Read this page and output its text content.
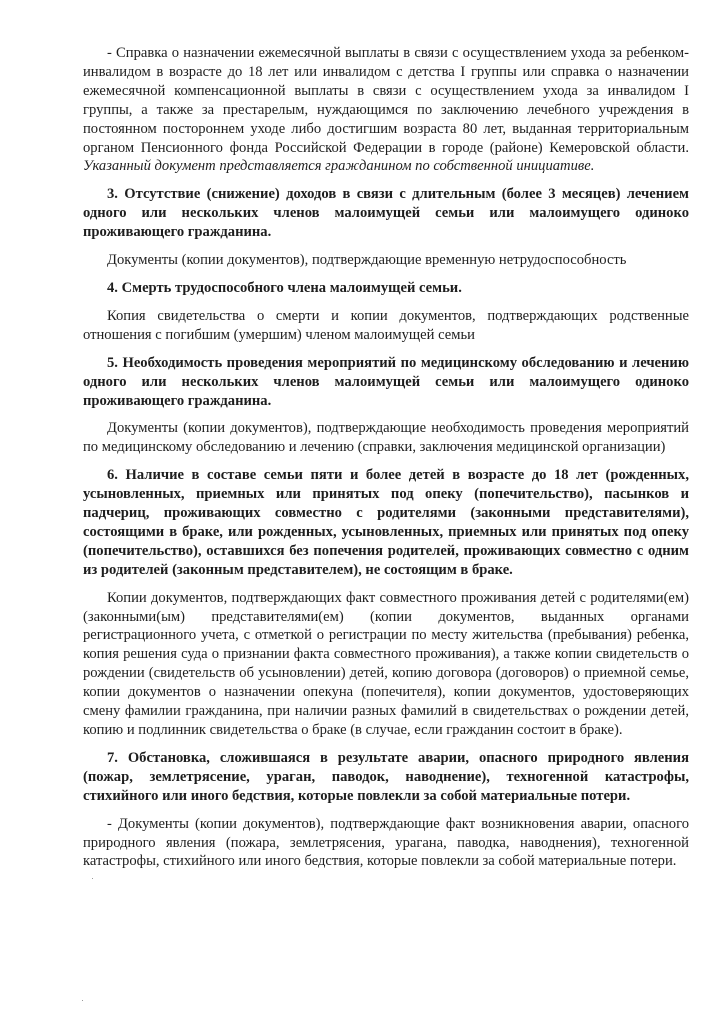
- Справка о назначении ежемесячной выплаты в связи с осуществлением ухода за ребенком-инвалидом в возрасте до 18 лет или инвалидом с детства I группы или справка о назначении ежемесячной компенсационной выплаты в связи с осуществлением ухода за инвалидом I группы, а также за престарелым, нуждающимся по заключению лечебного учреждения в постоянном постороннем уходе либо достигшим возраста 80 лет, выданная территориальным органом Пенсионного фонда Российской Федерации в городе (районе) Кемеровской области. Указанный документ представляется гражданином по собственной инициативе.

3. Отсутствие (снижение) доходов в связи с длительным (более 3 месяцев) лечением одного или нескольких членов малоимущей семьи или малоимущего одиноко проживающего гражданина.

Документы (копии документов), подтверждающие временную нетрудоспособность

4. Смерть трудоспособного члена малоимущей семьи.

Копия свидетельства о смерти и копии документов, подтверждающих родственные отношения с погибшим (умершим) членом малоимущей семьи

5. Необходимость проведения мероприятий по медицинскому обследованию и лечению одного или нескольких членов малоимущей семьи или малоимущего одиноко проживающего гражданина.

Документы (копии документов), подтверждающие необходимость проведения мероприятий по медицинскому обследованию и лечению (справки, заключения медицинской организации)

6. Наличие в составе семьи пяти и более детей в возрасте до 18 лет (рожденных, усыновленных, приемных или принятых под опеку (попечительство), пасынков и падчериц, проживающих совместно с родителями (законными представителями), состоящими в браке, или рожденных, усыновленных, приемных или принятых под опеку (попечительство), оставшихся без попечения родителей, проживающих совместно с одним из родителей (законным представителем), не состоящим в браке.

Копии документов, подтверждающих факт совместного проживания детей с родителями(ем) (законными(ым) представителями(ем) (копии документов, выданных органами регистрационного учета, с отметкой о регистрации по месту жительства (пребывания) ребенка, копия решения суда о признании факта совместного проживания), а также копии свидетельств о рождении (свидетельств об усыновлении) детей, копию договора (договоров) о приемной семье, копии документов о назначении опекуна (попечителя), копии документов, удостоверяющих смену фамилии гражданина, при наличии разных фамилий в свидетельствах о рождении детей, копию и подлинник свидетельства о браке (в случае, если гражданин состоит в браке).

7. Обстановка, сложившаяся в результате аварии, опасного природного явления (пожар, землетрясение, ураган, паводок, наводнение), техногенной катастрофы, стихийного или иного бедствия, которые повлекли за собой материальные потери.

- Документы (копии документов), подтверждающие факт возникновения аварии, опасного природного явления (пожара, землетрясения, урагана, паводка, наводнения), техногенной катастрофы, стихийного или иного бедствия, которые повлекли за собой материальные потери.
